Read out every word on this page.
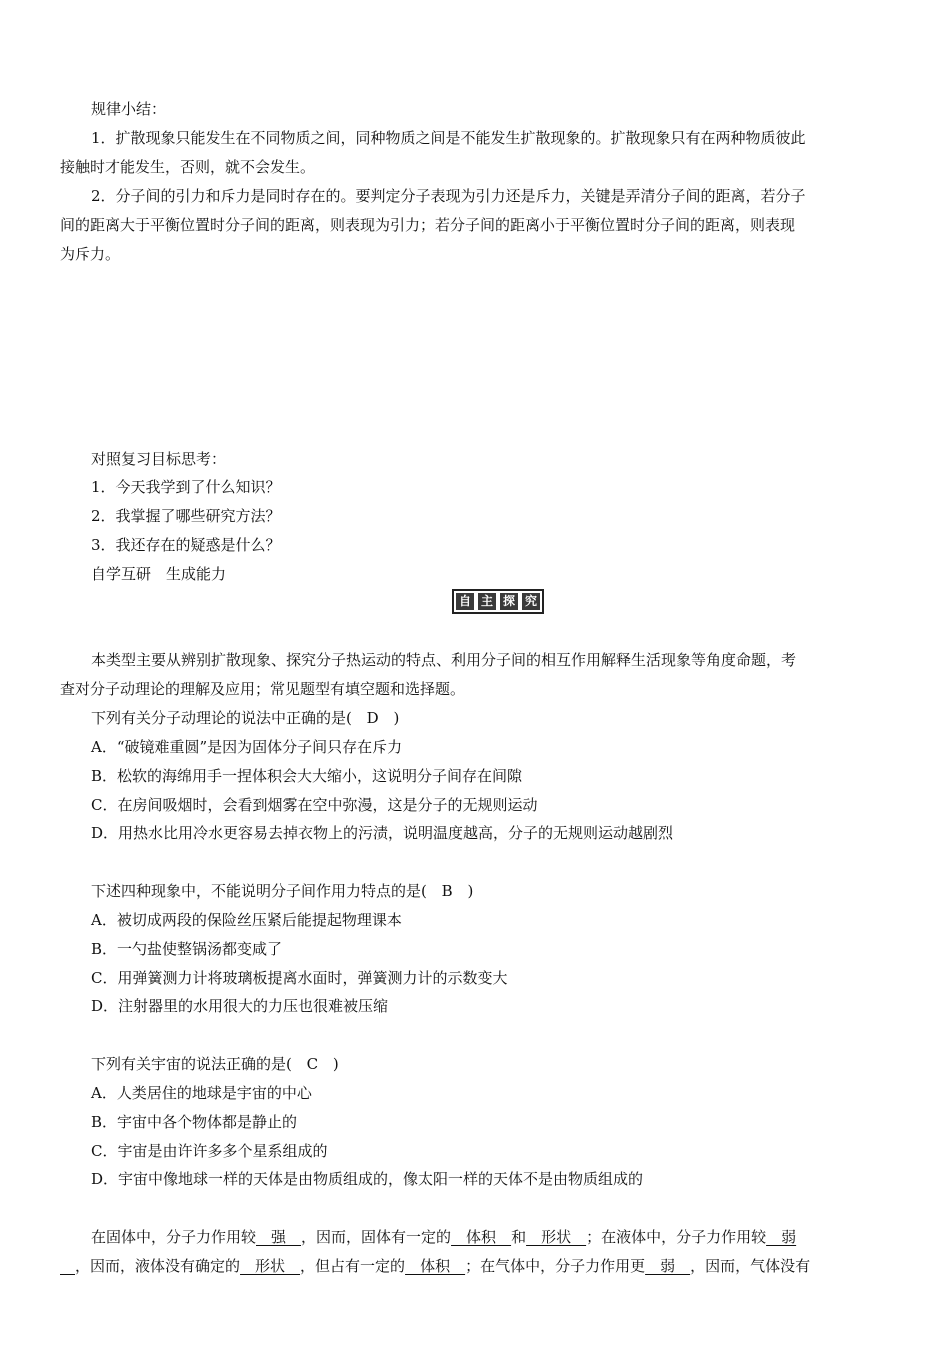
规律小结：
1．扩散现象只能发生在不同物质之间，同种物质之间是不能发生扩散现象的。扩散现象只有在两种物质彼此
接触时才能发生，否则，就不会发生。
2．分子间的引力和斥力是同时存在的。要判定分子表现为引力还是斥力，关键是弄清分子间的距离，若分子
间的距离大于平衡位置时分子间的距离，则表现为引力；若分子间的距离小于平衡位置时分子间的距离，则表现
为斥力。
对照复习目标思考：
1．今天我学到了什么知识？
2．我掌握了哪些研究方法？
3．我还存在的疑惑是什么？
自学互研　生成能力
自 主 探 究
本类型主要从辨别扩散现象、探究分子热运动的特点、利用分子间的相互作用解释生活现象等角度命题，考
查对分子动理论的理解及应用；常见题型有填空题和选择题。
下列有关分子动理论的说法中正确的是( D )
A．“破镜难重圆”是因为固体分子间只存在斥力
B．松软的海绵用手一捏体积会大大缩小，这说明分子间存在间隙
C．在房间吸烟时，会看到烟雾在空中弥漫，这是分子的无规则运动
D．用热水比用冷水更容易去掉衣物上的污渍，说明温度越高，分子的无规则运动越剧烈
下述四种现象中，不能说明分子间作用力特点的是( B )
A．被切成两段的保险丝压紧后能提起物理课本
B．一勺盐使整锅汤都变咸了
C．用弹簧测力计将玻璃板提离水面时，弹簧测力计的示数变大
D．注射器里的水用很大的力压也很难被压缩
下列有关宇宙的说法正确的是( C )
A．人类居住的地球是宇宙的中心
B．宇宙中各个物体都是静止的
C．宇宙是由许许多多个星系组成的
D．宇宙中像地球一样的天体是由物质组成的，像太阳一样的天体不是由物质组成的
在固体中，分子力作用较　强　，因而，固体有一定的　体积　和　形状　；在液体中，分子力作用较　弱
　，因而，液体没有确定的　形状　，但占有一定的　体积　；在气体中，分子力作用更　弱　，因而，气体没有
